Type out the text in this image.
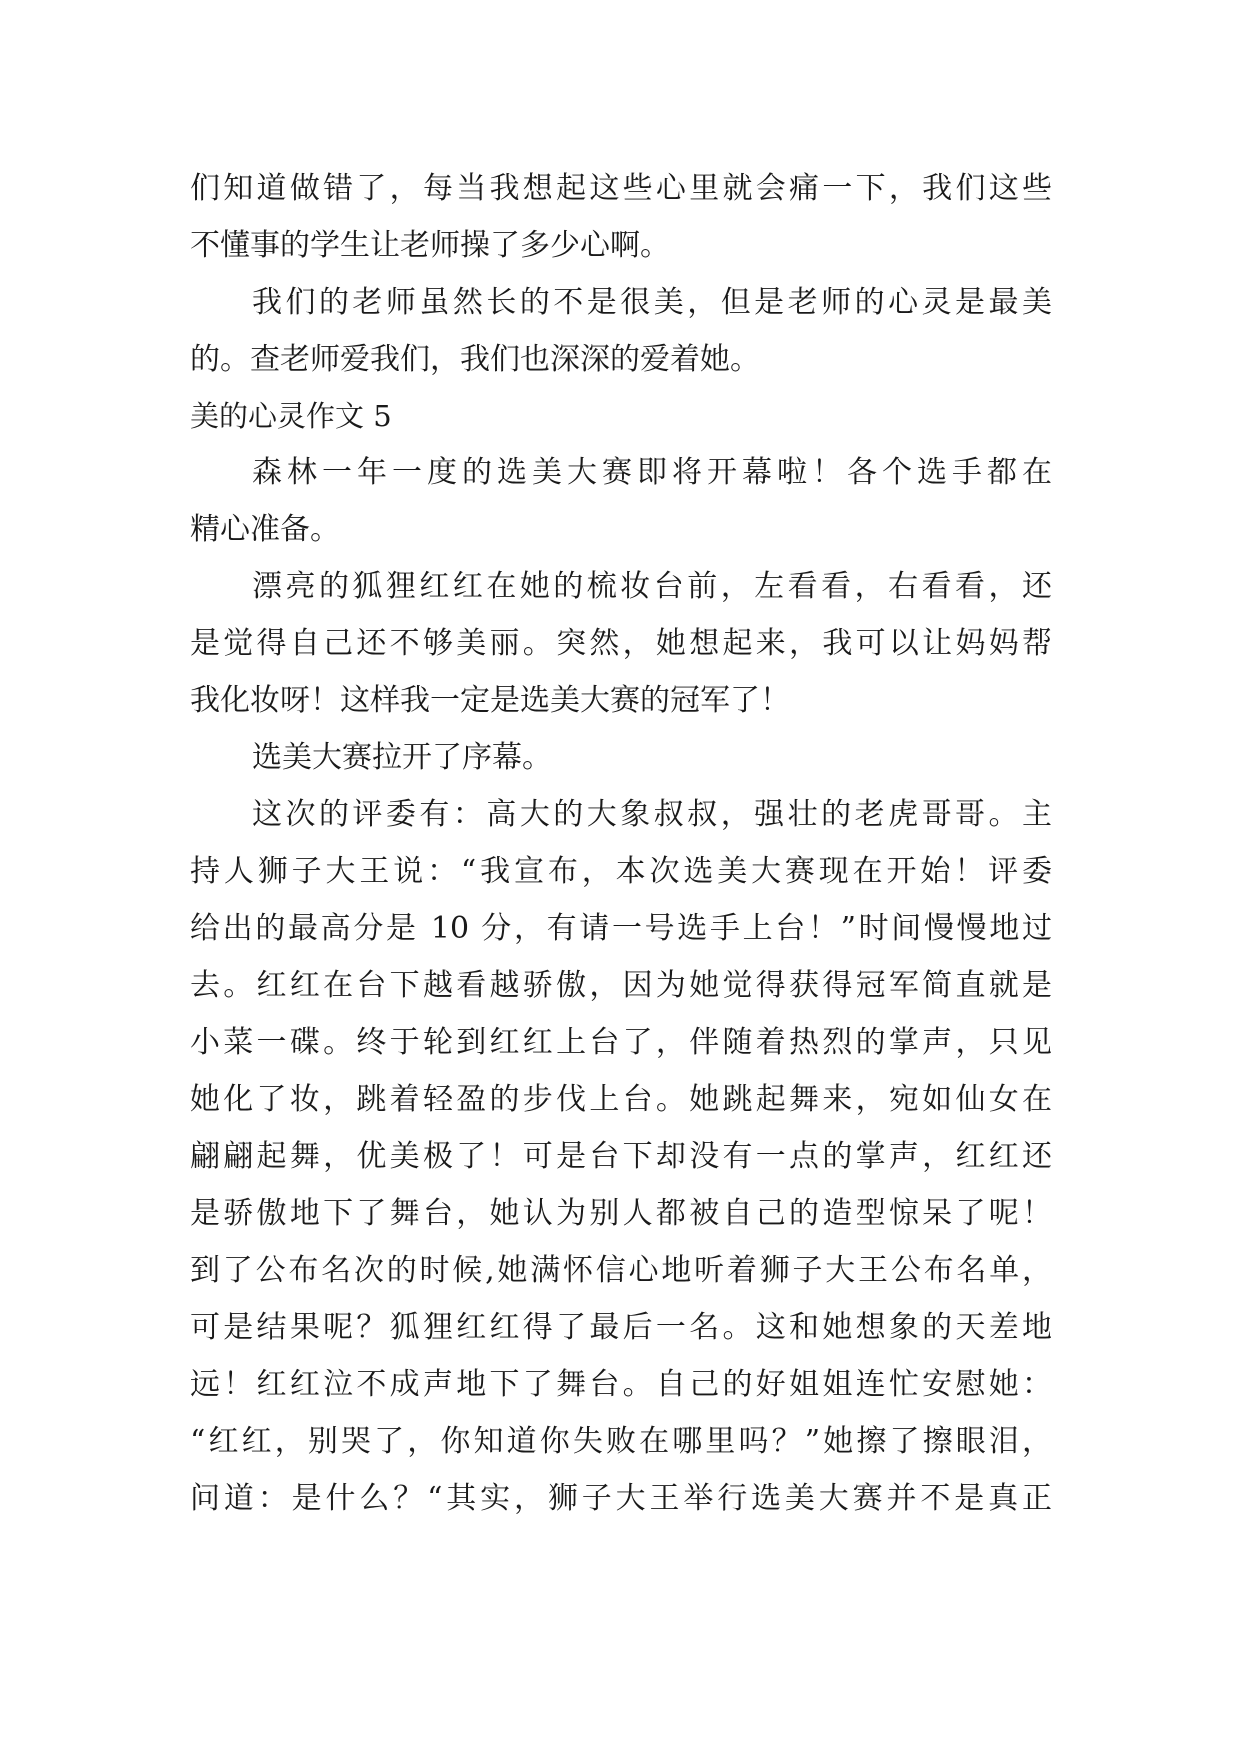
们知道做错了，每当我想起这些心里就会痛一下，我们这些
不懂事的学生让老师操了多少心啊。
我们的老师虽然长的不是很美，但是老师的心灵是最美
的。查老师爱我们，我们也深深的爱着她。
美的心灵作文 5
森林一年一度的选美大赛即将开幕啦！各个选手都在
精心准备。
漂亮的狐狸红红在她的梳妆台前，左看看，右看看，还
是觉得自己还不够美丽。突然，她想起来，我可以让妈妈帮
我化妆呀！这样我一定是选美大赛的冠军了！
选美大赛拉开了序幕。
这次的评委有：高大的大象叔叔，强壮的老虎哥哥。主
持人狮子大王说：“我宣布，本次选美大赛现在开始！评委
给出的最高分是 10 分，有请一号选手上台！”时间慢慢地过
去。红红在台下越看越骄傲，因为她觉得获得冠军简直就是
小菜一碟。终于轮到红红上台了，伴随着热烈的掌声，只见
她化了妆，跳着轻盈的步伐上台。她跳起舞来，宛如仙女在
翩翩起舞，优美极了！可是台下却没有一点的掌声，红红还
是骄傲地下了舞台，她认为别人都被自己的造型惊呆了呢！
到了公布名次的时候,她满怀信心地听着狮子大王公布名单，
可是结果呢？狐狸红红得了最后一名。这和她想象的天差地
远！红红泣不成声地下了舞台。自己的好姐姐连忙安慰她：
“红红，别哭了，你知道你失败在哪里吗？”她擦了擦眼泪，
问道：是什么？“其实，狮子大王举行选美大赛并不是真正
